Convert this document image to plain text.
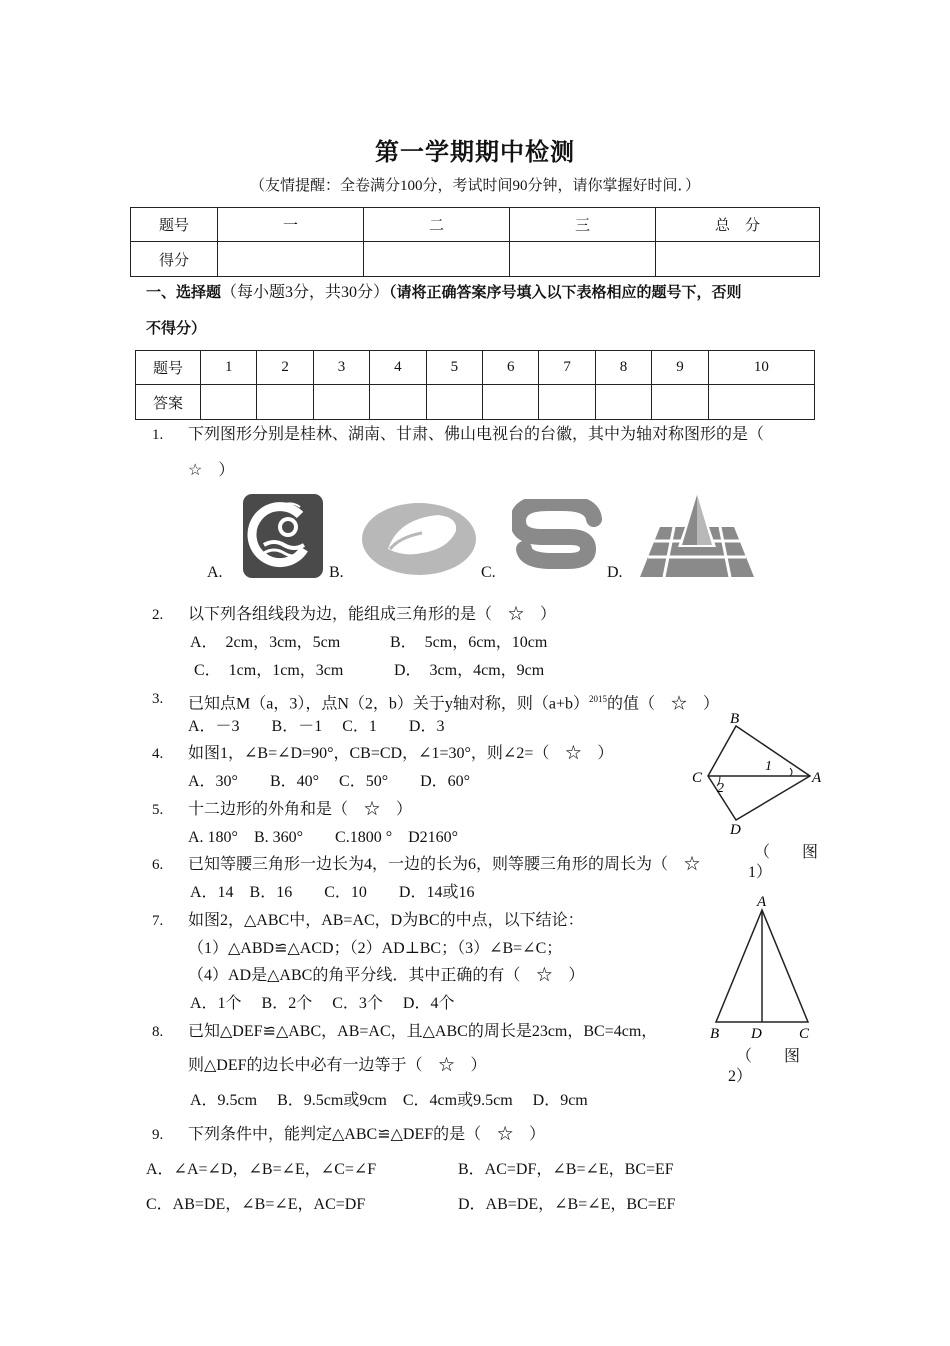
第一学期期中检测
（友情提醒：全卷满分100分，考试时间90分钟，请你掌握好时间．）
题号	一	二	三	总　分
得分				
一、选择题（每小题3分，共30分）（请将正确答案序号填入以下表格相应的题号下，否则
不得分）
题号	1	2	3	4	5	6	7	8	9	10
答案										
1. 下列图形分别是桂林、湖南、甘肃、佛山电视台的台徽，其中为轴对称图形的是（
☆　）
A.	B.	C.	D.
2. 以下列各组线段为边，能组成三角形的是（　☆　）
A．　2cm，3cm，5cm	B．　5cm，6cm，10cm
C．　1cm，1cm，3cm	D．　3cm，4cm，9cm
3. 已知点M（a，3），点N（2，b）关于y轴对称，则$(a+b)^{2015}$的值（　☆　）
A．－3　　B．－1　 C．1　　D．3
4. 如图1，∠B=∠D=90°，CB=CD，∠1=30°，则∠2=（　☆　）
A．30°　　B．40°　 C．50°　　D．60°
5. 十二边形的外角和是（　☆　）
A. 180°　B. 360°　　C.1800 °　D2160°
6. 已知等腰三角形一边长为4，一边的长为6，则等腰三角形的周长为（　☆
A．14　B．16　　C．10　　D．14或16
7. 如图2，△ABC中，AB=AC，D为BC的中点，以下结论：
（1）△ABD≌△ACD；（2）AD⊥BC；（3）∠B=∠C；
（4）AD是△ABC的角平分线．其中正确的有（　☆　）
A．1个　 B．2个　 C．3个　 D．4个
8. 已知△DEF≌△ABC，AB=AC，且△ABC的周长是23cm，BC=4cm，
则△DEF的边长中必有一边等于（　☆　）
A．9.5cm　 B．9.5cm或9cm　C．4cm或9.5cm　 D．9cm
9. 下列条件中，能判定△ABC≌△DEF的是（　☆　）
A．∠A=∠D，∠B=∠E，∠C=∠F	B．AC=DF，∠B=∠E，BC=EF
C．AB=DE，∠B=∠E，AC=DF	D．AB=DE，∠B=∠E，BC=EF
B
C	A
D
1
2
（　　图
1）
A
B D C
（　　图
2）
